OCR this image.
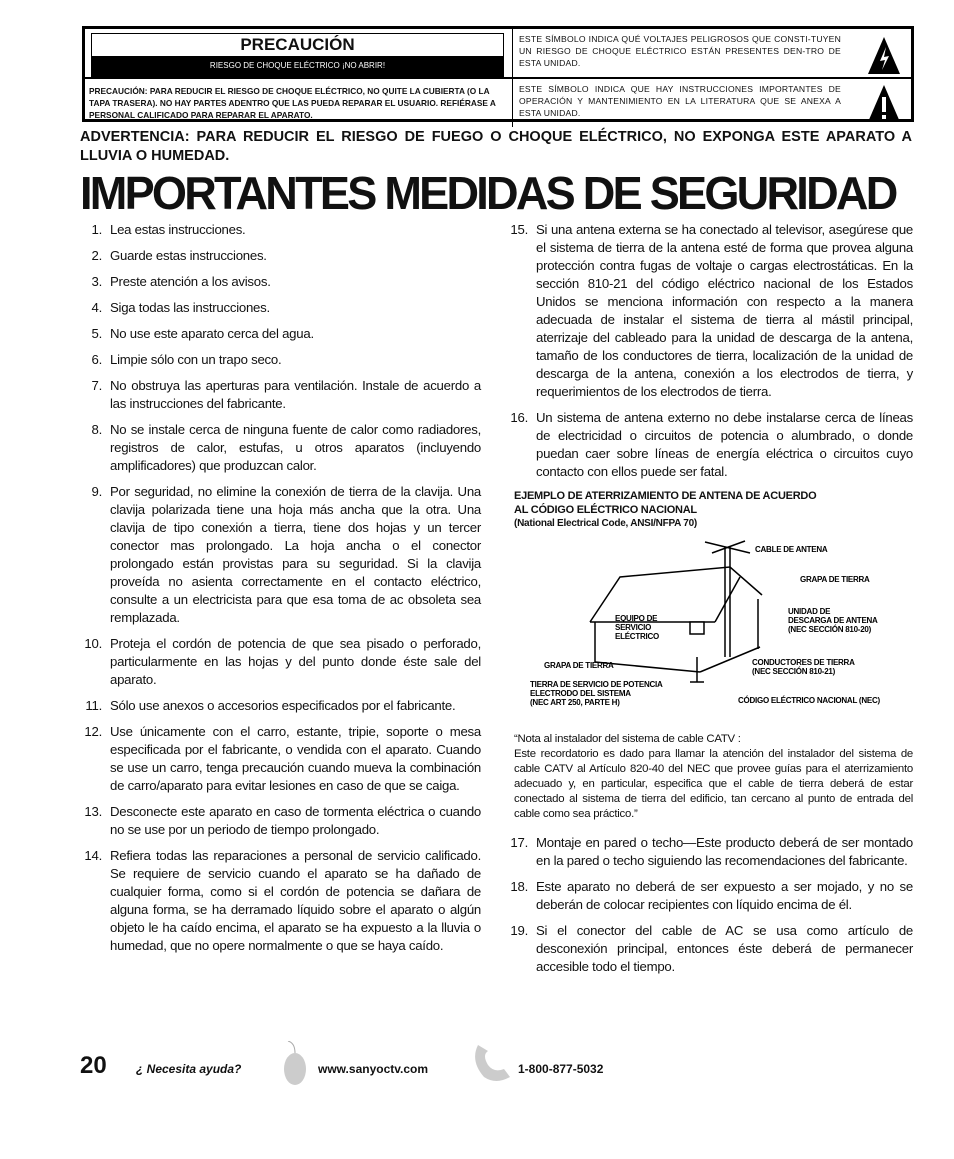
PRECAUCIÓN
RIESGO DE CHOQUE ELÉCTRICO ¡NO ABRIR!
ESTE SÍMBOLO INDICA QUÉ VOLTAJES PELIGROSOS QUE CONSTI-TUYEN UN RIESGO DE CHOQUE ELÉCTRICO ESTÁN PRESENTES DEN-TRO DE ESTA UNIDAD.
PRECAUCIÓN: PARA REDUCIR EL RIESGO DE CHOQUE ELÉCTRICO, NO QUITE LA CUBIERTA (O LA TAPA TRASERA). NO HAY PARTES ADENTRO QUE LAS PUEDA REPARAR EL USUARIO. REFIÉRASE A PERSONAL CALIFICADO PARA REPARAR EL APARATO.
ESTE SÍMBOLO INDICA QUE HAY INSTRUCCIONES IMPORTANTES DE OPERACIÓN Y MANTENIMIENTO EN LA LITERATURA QUE SE ANEXA A ESTA UNIDAD.
ADVERTENCIA: PARA REDUCIR EL RIESGO DE FUEGO O CHOQUE ELÉCTRICO, NO EXPONGA ESTE APARATO A LLUVIA O HUMEDAD.
IMPORTANTES MEDIDAS DE SEGURIDAD
1. Lea estas instrucciones.
2. Guarde estas instrucciones.
3. Preste atención a los avisos.
4. Siga todas las instrucciones.
5. No use este aparato cerca del agua.
6. Limpie sólo con un trapo seco.
7. No obstruya las aperturas para ventilación. Instale de acuerdo a las instrucciones del fabricante.
8. No se instale cerca de ninguna fuente de calor como radiadores, registros de calor, estufas, u otros aparatos (incluyendo amplificadores) que produzcan calor.
9. Por seguridad, no elimine la conexión de tierra de la clavija. Una clavija polarizada tiene una hoja más ancha que la otra. Una clavija de tipo conexión a tierra, tiene dos hojas y un tercer conector mas prolongado. La hoja ancha o el conector prolongado están provistas para su seguridad. Si la clavija proveída no asienta correctamente en el contacto eléctrico, consulte a un electricista para que esa toma de ac obsoleta sea remplazada.
10. Proteja el cordón de potencia de que sea pisado o perforado, particularmente en las hojas y del punto donde éste sale del aparato.
11. Sólo use anexos o accesorios especificados por el fabricante.
12. Use únicamente con el carro, estante, tripie, soporte o mesa especificada por el fabricante, o vendida con el aparato. Cuando se use un carro, tenga precaución cuando mueva la combinación de carro/aparato para evitar lesiones en caso de que se caiga.
13. Desconecte este aparato en caso de tormenta eléctrica o cuando no se use por un periodo de tiempo prolongado.
14. Refiera todas las reparaciones a personal de servicio calificado. Se requiere de servicio cuando el aparato se ha dañado de cualquier forma, como si el cordón de potencia se dañara de alguna forma, se ha derramado líquido sobre el aparato o algún objeto le ha caído encima, el aparato se ha expuesto a la lluvia o humedad, que no opere normalmente o que se haya caído.
15. Si una antena externa se ha conectado al televisor, asegúrese que el sistema de tierra de la antena esté de forma que provea alguna protección contra fugas de voltaje o cargas electrostáticas. En la sección 810-21 del código eléctrico nacional de los Estados Unidos se menciona información con respecto a la manera adecuada de instalar el sistema de tierra al mástil principal, aterrizaje del cableado para la unidad de descarga de la antena, tamaño de los conductores de tierra, localización de la unidad de descarga de la antena, conexión a los electrodos de tierra, y requerimientos de los electrodos de tierra.
16. Un sistema de antena externo no debe instalarse cerca de líneas de electricidad o circuitos de potencia o alumbrado, o donde puedan caer sobre líneas de energía eléctrica o circuitos cuyo contacto con ellos puede ser fatal.
EJEMPLO DE ATERRIZAMIENTO DE ANTENA DE ACUERDO
AL CÓDIGO ELÉCTRICO NACIONAL
(National Electrical Code, ANSI/NFPA 70)
CABLE DE ANTENA
GRAPA DE TIERRA
UNIDAD DE
DESCARGA DE ANTENA
(NEC SECCIÓN 810-20)
EQUIPO DE
SERVICIO
ELÉCTRICO
GRAPA DE TIERRA	CONDUCTORES DE TIERRA
(NEC SECCIÓN 810-21)
TIERRA DE SERVICIO DE POTENCIA
ELECTRODO DEL SISTEMA
(NEC ART 250, PARTE H)	CÓDIGO ELÉCTRICO NACIONAL (NEC)
“Nota al instalador del sistema de cable CATV :
Este recordatorio es dado para llamar la atención del instalador del sistema de cable CATV al Artículo 820-40 del NEC que provee guías para el aterrizamiento adecuado y, en particular, especifica que el cable de tierra deberá de estar conectado al sistema de tierra del edificio, tan cercano al punto de entrada del cable como sea práctico.”
17. Montaje en pared o techo—Este producto deberá de ser montado en la pared o techo siguiendo las recomendaciones del fabricante.
18. Este aparato no deberá de ser expuesto a ser mojado, y no se deberán de colocar recipientes con líquido encima de él.
19. Si el conector del cable de AC se usa como artículo de desconexión principal, entonces éste deberá de permanecer accesible todo el tiempo.
20 ¿ Necesita ayuda?	www.sanyoctv.com	1-800-877-5032
